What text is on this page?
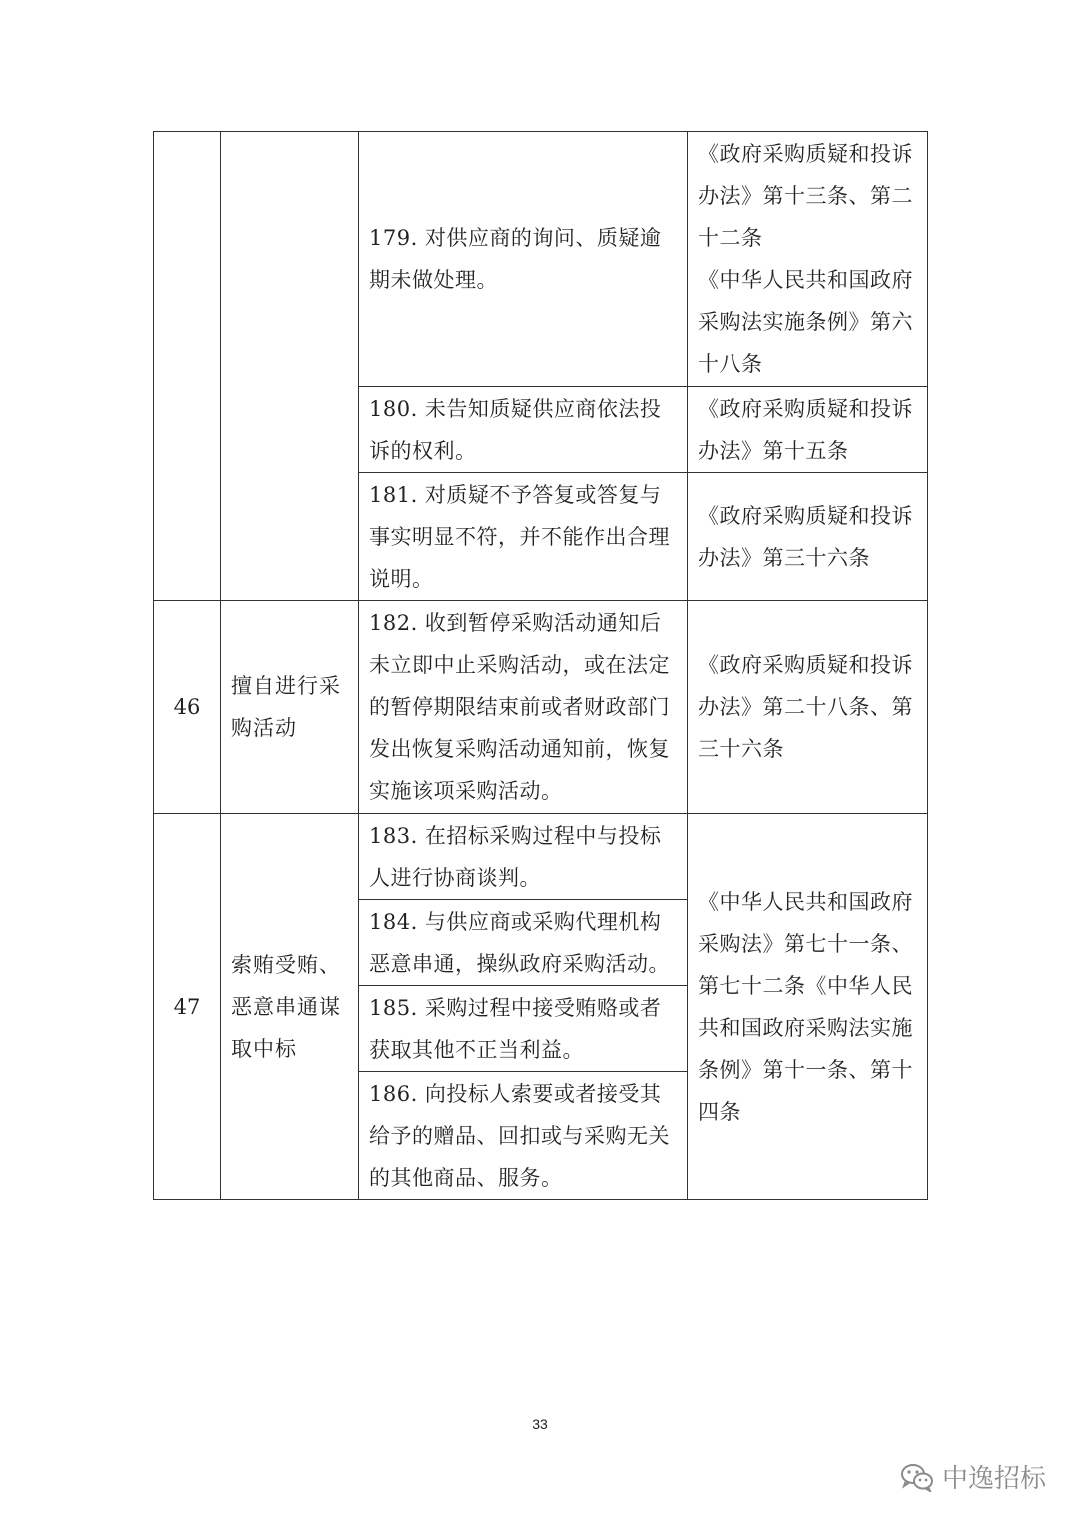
		179. 对供应商的询问、质疑逾期未做处理。	《政府采购质疑和投诉办法》第十三条、第二十二条
《中华人民共和国政府采购法实施条例》第六十八条

		180. 未告知质疑供应商依法投诉的权利。	《政府采购质疑和投诉办法》第十五条

		181. 对质疑不予答复或答复与事实明显不符，并不能作出合理说明。	《政府采购质疑和投诉办法》第三十六条

46	擅自进行采购活动	182. 收到暂停采购活动通知后未立即中止采购活动，或在法定的暂停期限结束前或者财政部门发出恢复采购活动通知前，恢复实施该项采购活动。	《政府采购质疑和投诉办法》第二十八条、第三十六条

47	索贿受贿、恶意串通谋取中标	183. 在招标采购过程中与投标人进行协商谈判。	《中华人民共和国政府采购法》第七十一条、第七十二条《中华人民共和国政府采购法实施条例》第十一条、第十四条

		184. 与供应商或采购代理机构恶意串通，操纵政府采购活动。	
		185. 采购过程中接受贿赂或者获取其他不正当利益。	
		186. 向投标人索要或者接受其给予的赠品、回扣或与采购无关的其他商品、服务。	
33
中逸招标
